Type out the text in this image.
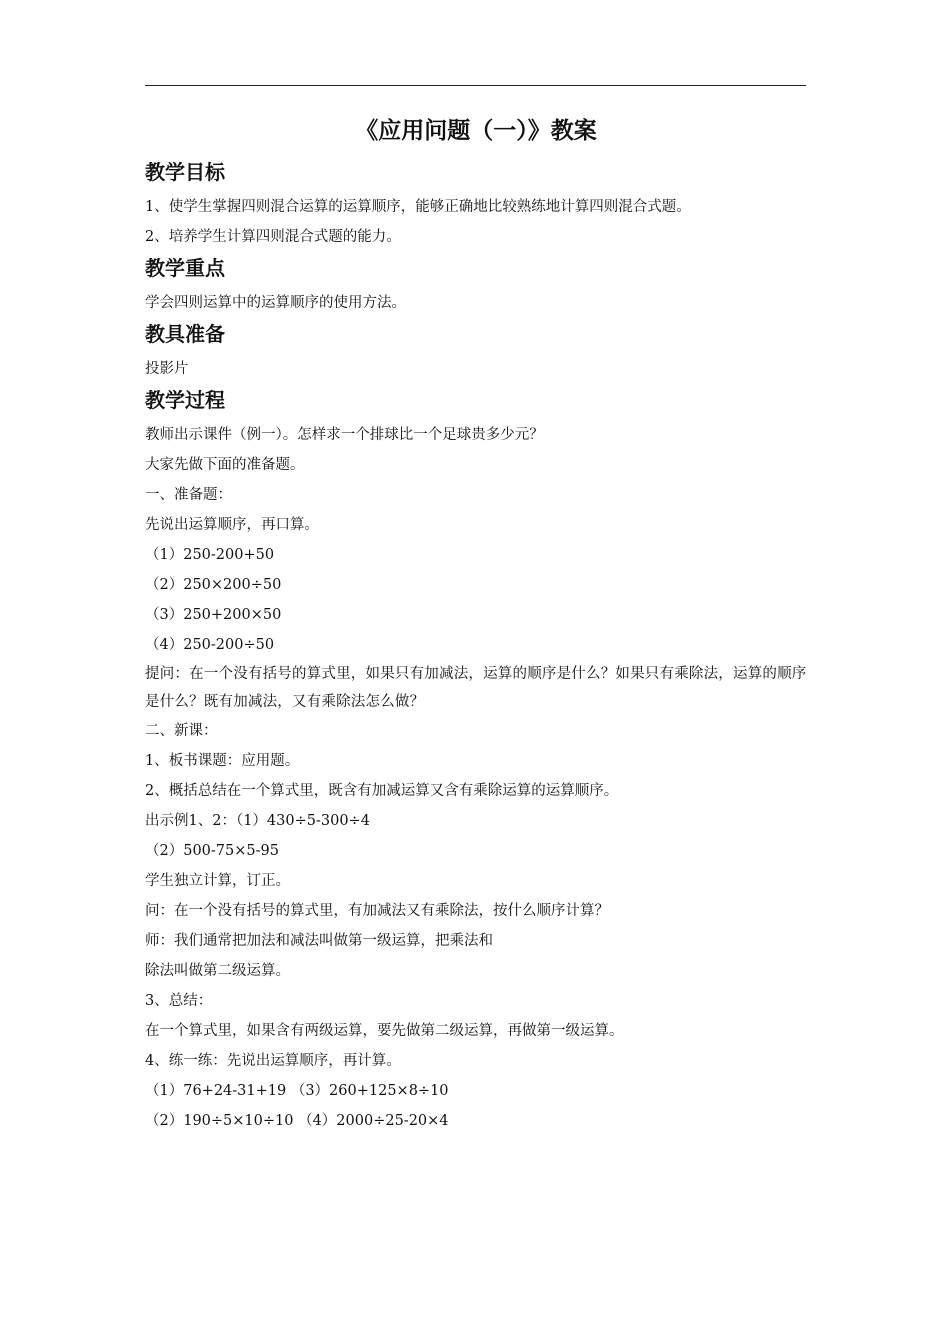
《应用问题（一）》教案
教学目标

1、使学生掌握四则混合运算的运算顺序，能够正确地比较熟练地计算四则混合式题。

2、培养学生计算四则混合式题的能力。

教学重点

学会四则运算中的运算顺序的使用方法。

教具准备

投影片

教学过程

教师出示课件（例一）。怎样求一个排球比一个足球贵多少元？

大家先做下面的准备题。

一、准备题：

先说出运算顺序，再口算。

（1）250-200+50

（2）250×200÷50

（3）250+200×50

（4）250-200÷50

提问：在一个没有括号的算式里，如果只有加减法，运算的顺序是什么？如果只有乘除法，运算的顺序是什么？既有加减法，又有乘除法怎么做？

二、新课：

1、板书课题：应用题。

2、概括总结在一个算式里，既含有加减运算又含有乘除运算的运算顺序。

出示例1、2：（1）430÷5-300÷4

（2）500-75×5-95

学生独立计算，订正。

问：在一个没有括号的算式里，有加减法又有乘除法，按什么顺序计算？

师：我们通常把加法和减法叫做第一级运算，把乘法和

除法叫做第二级运算。

3、总结：

在一个算式里，如果含有两级运算，要先做第二级运算，再做第一级运算。

4、练一练：先说出运算顺序，再计算。

（1）76+24-31+19 （3）260+125×8÷10

（2）190÷5×10÷10 （4）2000÷25-20×4
